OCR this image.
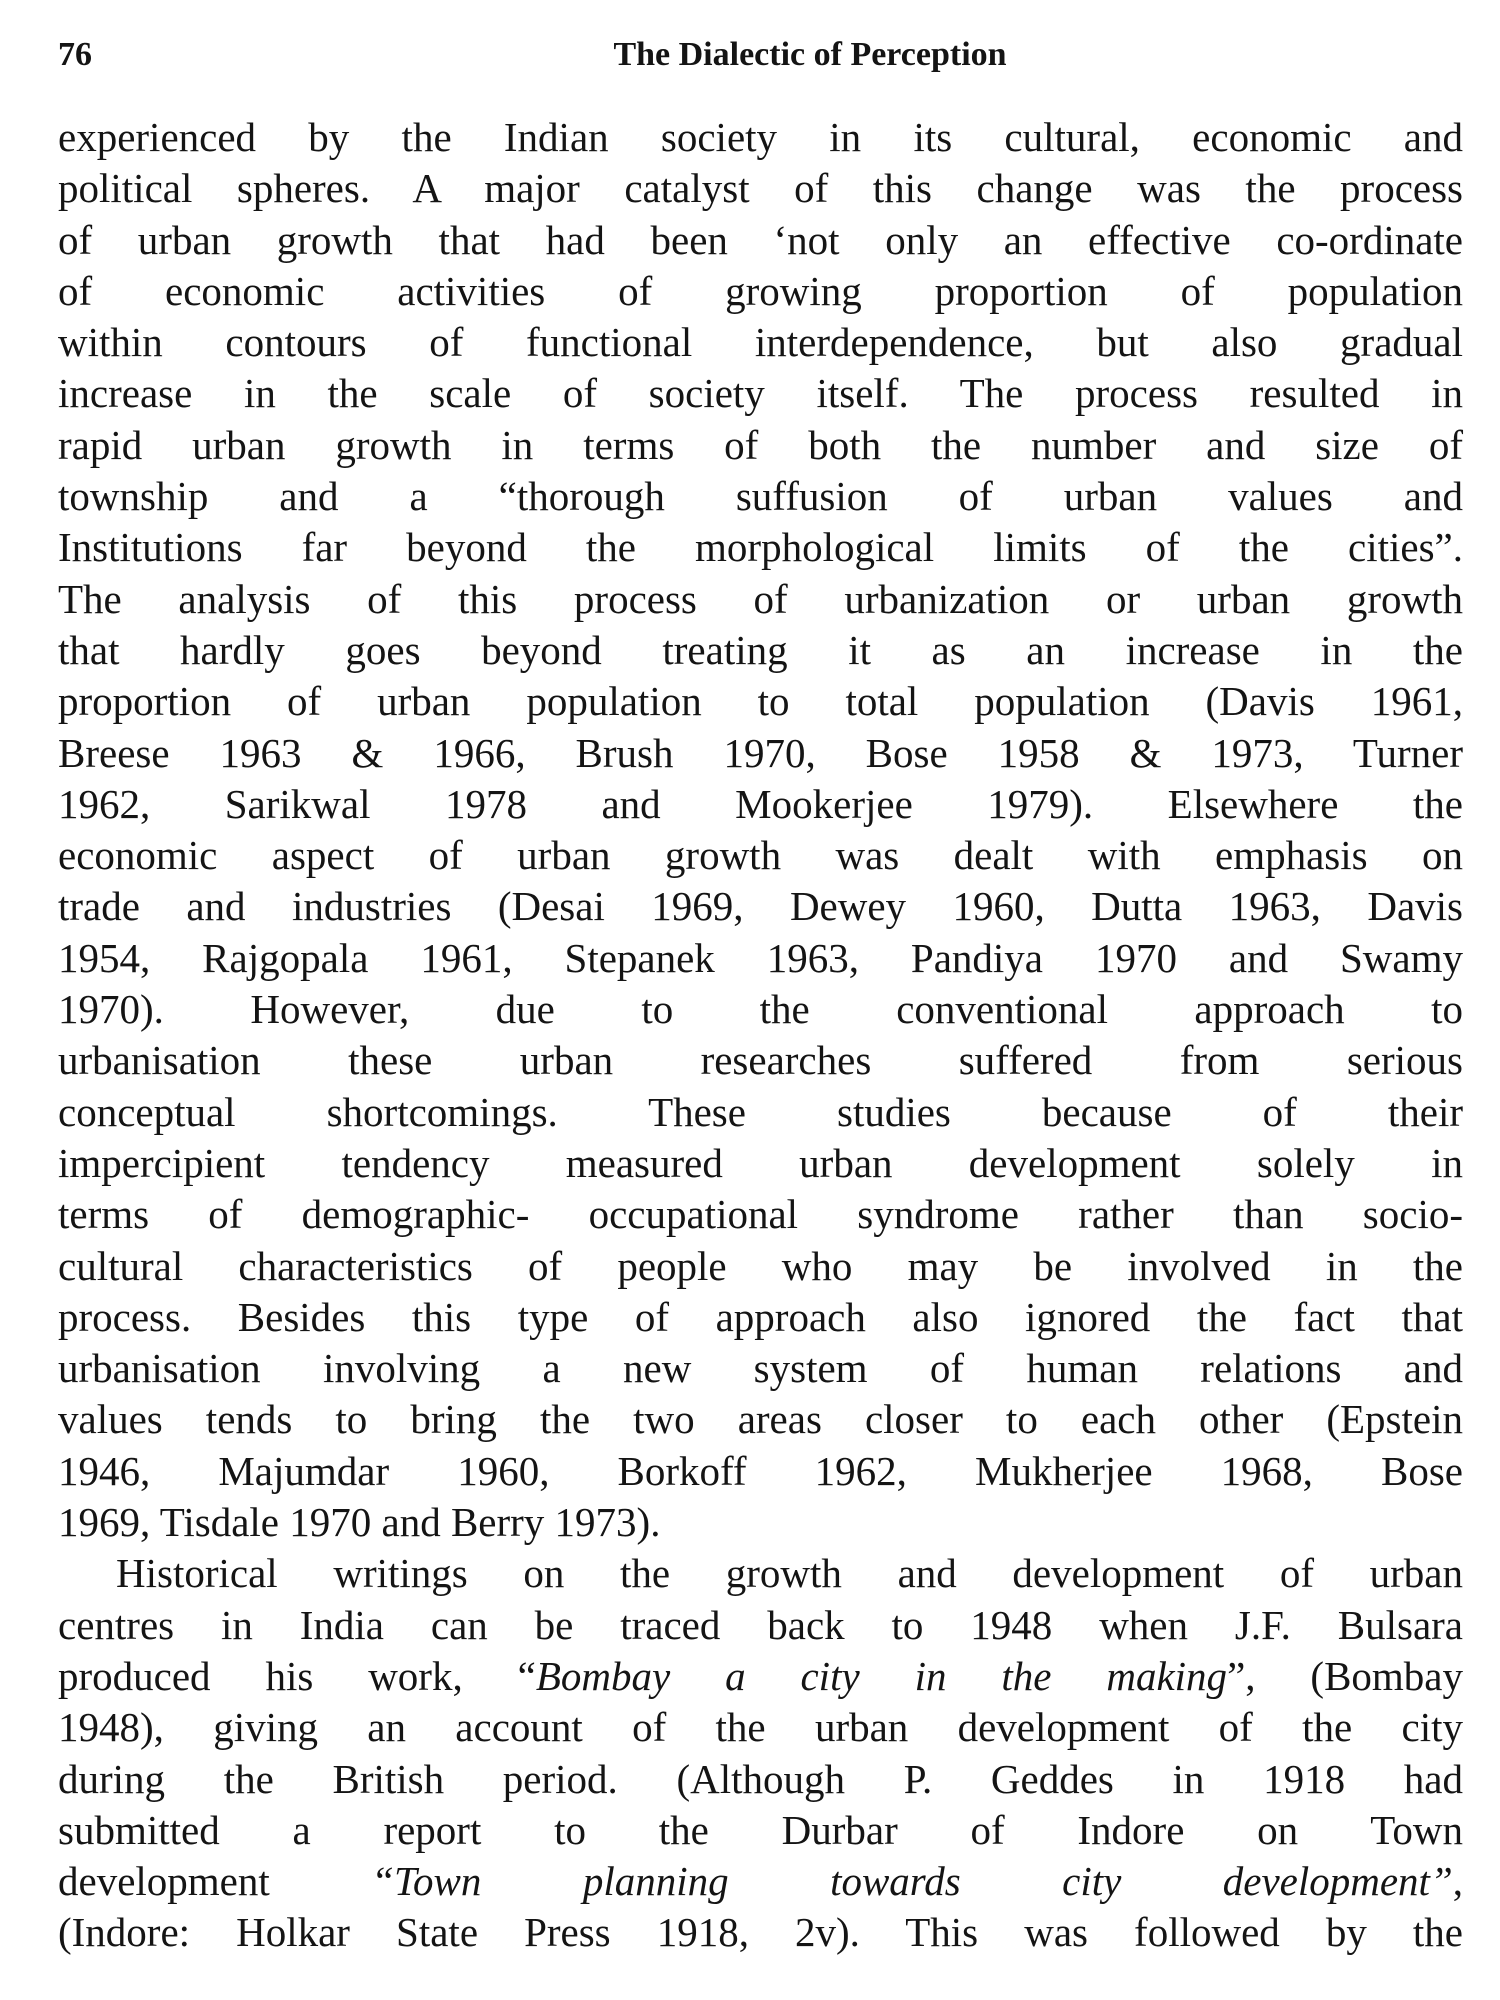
76	The Dialectic of Perception
experienced by the Indian society in its cultural, economic and
political spheres. A major catalyst of this change was the process
of urban growth that had been ‘not only an effective co-ordinate
of economic activities of growing proportion of population
within contours of functional interdependence, but also gradual
increase in the scale of society itself. The process resulted in
rapid urban growth in terms of both the number and size of
township and a “thorough suffusion of urban values and
Institutions far beyond the morphological limits of the cities”.
The analysis of this process of urbanization or urban growth
that hardly goes beyond treating it as an increase in the
proportion of urban population to total population (Davis 1961,
Breese 1963 & 1966, Brush 1970, Bose 1958 & 1973, Turner
1962, Sarikwal 1978 and Mookerjee 1979). Elsewhere the
economic aspect of urban growth was dealt with emphasis on
trade and industries (Desai 1969, Dewey 1960, Dutta 1963, Davis
1954, Rajgopala 1961, Stepanek 1963, Pandiya 1970 and Swamy
1970). However, due to the conventional approach to
urbanisation these urban researches suffered from serious
conceptual shortcomings. These studies because of their
impercipient tendency measured urban development solely in
terms of demographic- occupational syndrome rather than socio-
cultural characteristics of people who may be involved in the
process. Besides this type of approach also ignored the fact that
urbanisation involving a new system of human relations and
values tends to bring the two areas closer to each other (Epstein
1946, Majumdar 1960, Borkoff 1962, Mukherjee 1968, Bose
1969, Tisdale 1970 and Berry 1973).
Historical writings on the growth and development of urban
centres in India can be traced back to 1948 when J.F. Bulsara
produced his work, “Bombay a city in the making”, (Bombay
1948), giving an account of the urban development of the city
during the British period. (Although P. Geddes in 1918 had
submitted a report to the Durbar of Indore on Town
development “Town planning towards city development”,
(Indore: Holkar State Press 1918, 2v). This was followed by the
